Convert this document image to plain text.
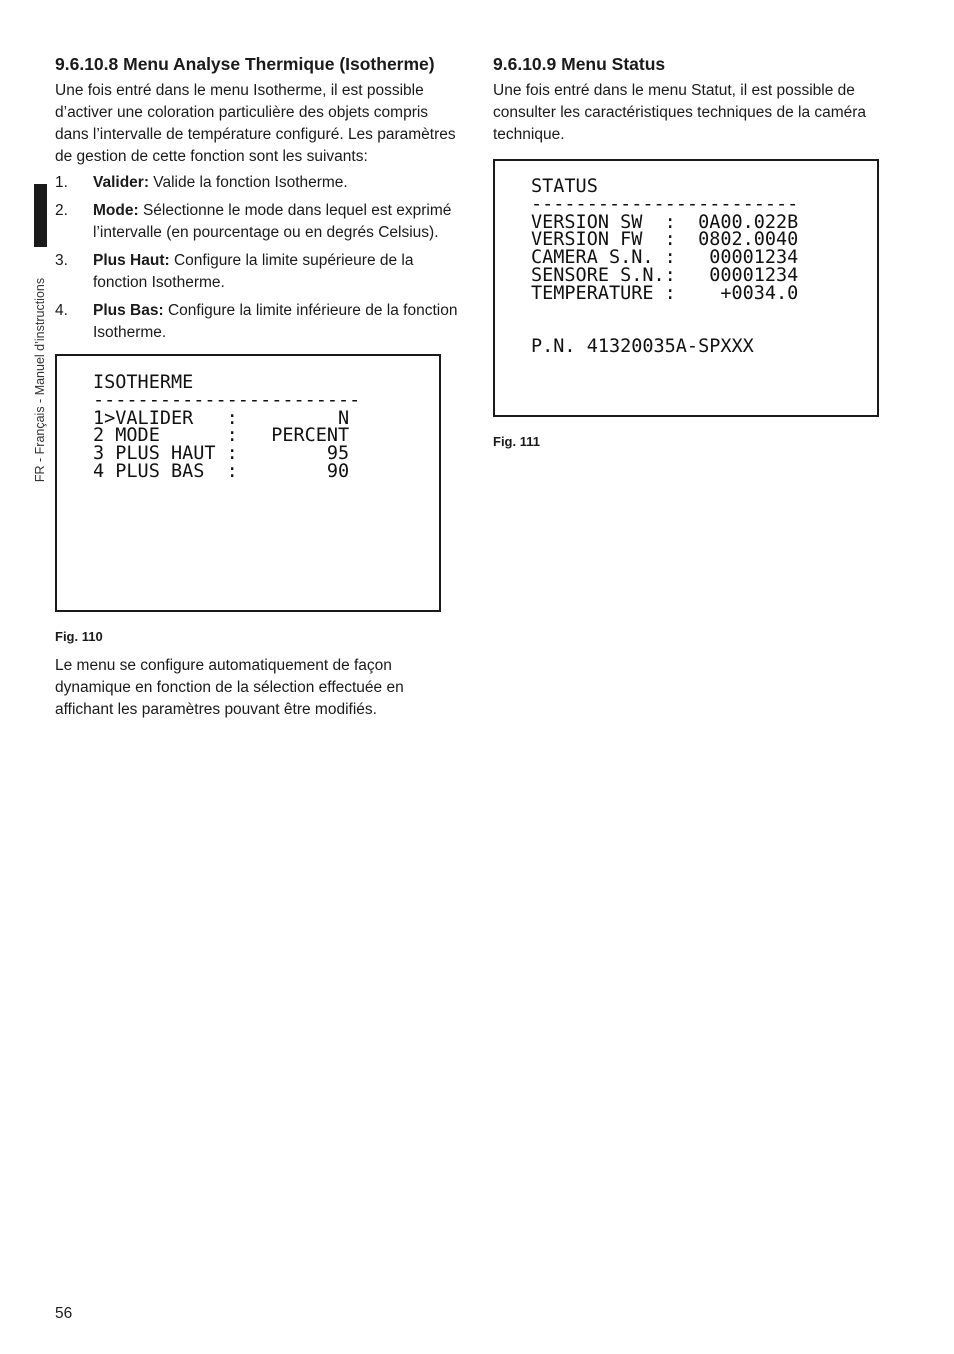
FR - Français - Manuel d’instructions
9.6.10.8 Menu Analyse Thermique (Isotherme)

Une fois entré dans le menu Isotherme, il est possible d’activer une coloration particulière des objets compris dans l’intervalle de température configuré. Les paramètres de gestion de cette fonction sont les suivants:

1. Valider: Valide la fonction Isotherme.
2. Mode: Sélectionne le mode dans lequel est exprimé l’intervalle (en pourcentage ou en degrés Celsius).
3. Plus Haut: Configure la limite supérieure de la fonction Isotherme.
4. Plus Bas: Configure la limite inférieure de la fonction Isotherme.
ISOTHERME
------------------------
1>VALIDER   :         N
2 MODE      :   PERCENT
3 PLUS HAUT :        95
4 PLUS BAS  :        90
Fig. 110

Le menu se configure automatiquement de façon dynamique en fonction de la sélection effectuée en affichant les paramètres pouvant être modifiés.

9.6.10.9 Menu Status

Une fois entré dans le menu Statut, il est possible de consulter les caractéristiques techniques de la caméra technique.

STATUS
------------------------
VERSION SW  :  0A00.022B
VERSION FW  :  0802.0040
CAMERA S.N. :   00001234
SENSORE S.N.:   00001234
TEMPERATURE :    +0034.0
P.N. 41320035A-SPXXX
Fig. 111
56
